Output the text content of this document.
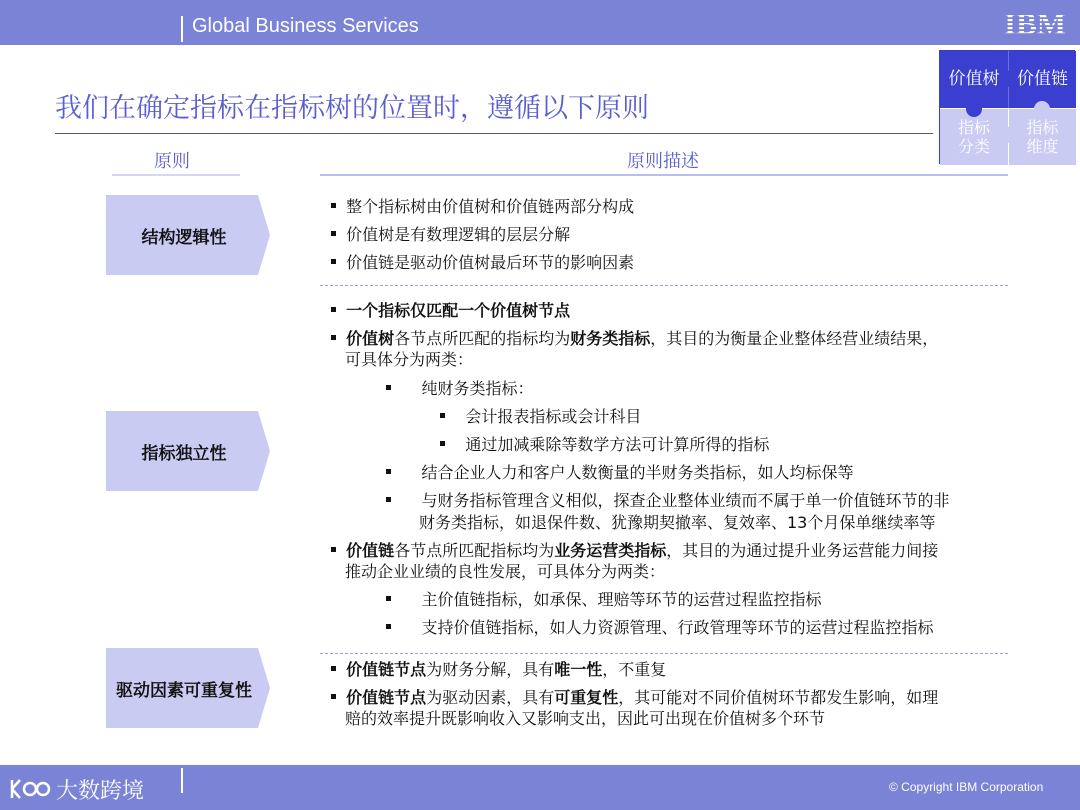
Global Business Services	IBM
我们在确定指标在指标树的位置时，遵循以下原则
价值树	价值链
指标
分类
指标
维度
原则	原则描述
结构逻辑性
整个指标树由价值树和价值链两部分构成
价值树是有数理逻辑的层层分解
价值链是驱动价值树最后环节的影响因素
指标独立性
一个指标仅匹配一个价值树节点
价值树各节点所匹配的指标均为财务类指标，其目的为衡量企业整体经营业绩结果，
可具体分为两类：
纯财务类指标：
会计报表指标或会计科目
通过加减乘除等数学方法可计算所得的指标
结合企业人力和客户人数衡量的半财务类指标，如人均标保等
与财务指标管理含义相似，探查企业整体业绩而不属于单一价值链环节的非
财务类指标，如退保件数、犹豫期契撤率、复效率、13个月保单继续率等
价值链各节点所匹配指标均为业务运营类指标，其目的为通过提升业务运营能力间接
推动企业业绩的良性发展，可具体分为两类：
主价值链指标，如承保、理赔等环节的运营过程监控指标
支持价值链指标，如人力资源管理、行政管理等环节的运营过程监控指标
驱动因素可重复性
价值链节点为财务分解，具有唯一性，不重复
价值链节点为驱动因素，具有可重复性，其可能对不同价值树环节都发生影响，如理
赔的效率提升既影响收入又影响支出，因此可出现在价值树多个环节
© Copyright IBM Corporation
大数跨境
